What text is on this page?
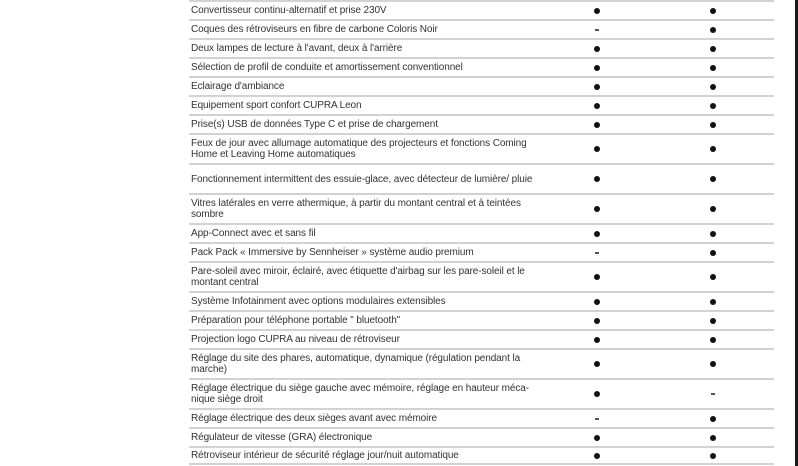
Convertisseur continu-alternatif et prise 230V
Coques des rétroviseurs en fibre de carbone Coloris Noir
Deux lampes de lecture à l'avant, deux à l'arrière
Sélection de profil de conduite et amortissement conventionnel
Eclairage d'ambiance
Equipement sport confort CUPRA Leon
Prise(s) USB de données Type C et prise de chargement
Feux de jour avec allumage automatique des projecteurs et fonctions Coming Home et Leaving Home automatiques
Fonctionnement intermittent des essuie-glace, avec détecteur de lumière/ pluie
Vitres latérales en verre athermique, à partir du montant central et à teintées sombre
App-Connect avec et sans fil
Pack Pack « Immersive by Sennheiser » système audio premium
Pare-soleil avec miroir, éclairé, avec étiquette d'airbag sur les pare-soleil et le montant central
Système Infotainment avec options modulaires extensibles
Préparation pour téléphone portable " bluetooth"
Projection logo CUPRA au niveau de rétroviseur
Réglage du site des phares, automatique, dynamique (régulation pendant la marche)
Réglage électrique du siège gauche avec mémoire, réglage en hauteur méca-nique siège droit
Réglage électrique des deux sièges avant avec mémoire
Régulateur de vitesse (GRA) électronique
Rétroviseur intérieur de sécurité réglage jour/nuit automatique
